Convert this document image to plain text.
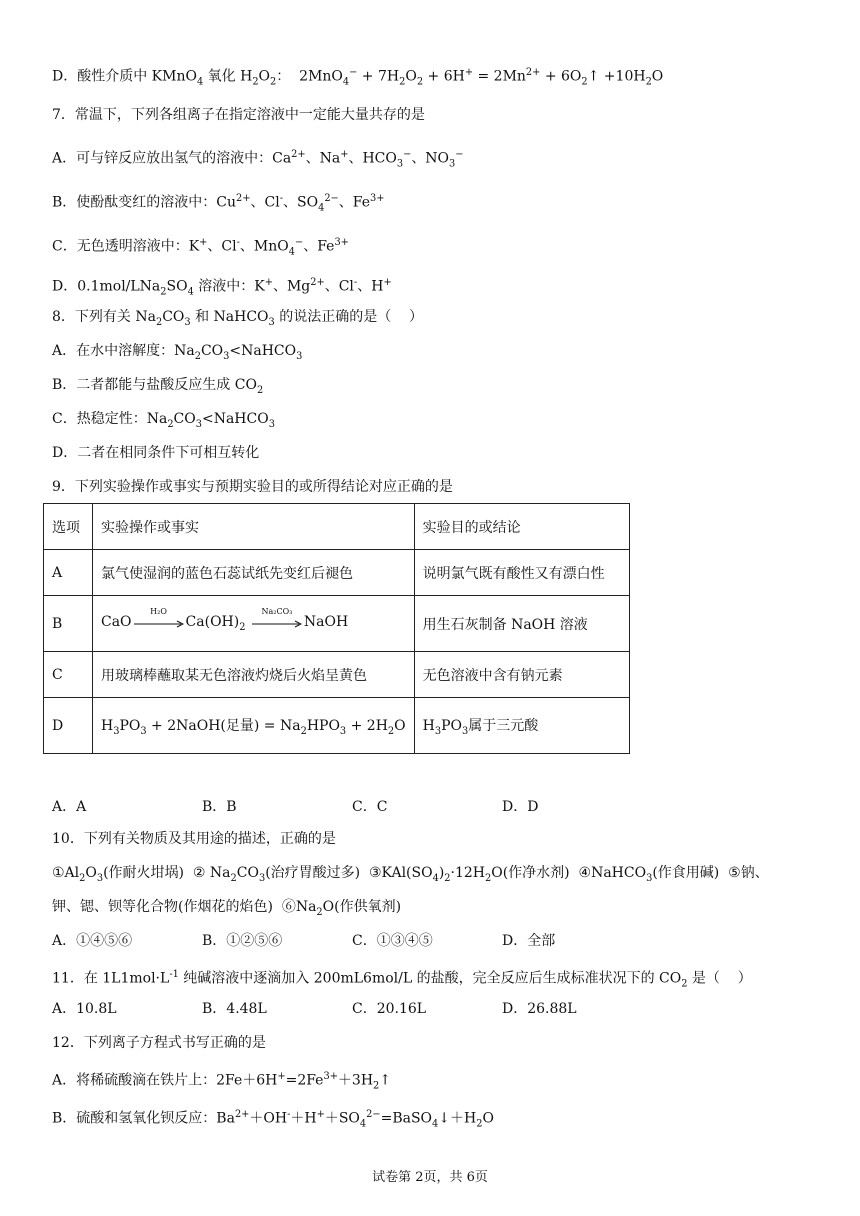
D．酸性介质中 KMnO$_4$ 氧化 $H_2O_2$：  $2MnO_4^- + 7H_2O_2 + 6H^+ = 2Mn^{2+}$ + $6O_2↑ +10H_2O$
7．常温下，下列各组离子在指定溶液中一定能大量共存的是
A．可与锌反应放出氢气的溶液中：$Ca^{2+}$、Na+、$HCO_3^-$、$NO_3^-$
B．使酚酞变红的溶液中：$Cu^{2+}$、Cl-、$SO_4^{2-}$、$Fe^{3+}$
C．无色透明溶液中：K+、Cl-、MnO$_4$−、$Fe^{3+}$
D．$0.1mol/LNa_2SO_4$ 溶液中：K+、$Mg^{2+}$、Cl-、H+
8．下列有关 $Na_2CO_3$ 和 NaHCO$_3$ 的说法正确的是（    ）
A．在水中溶解度：$Na_2CO_3<NaHCO_3$
B．二者都能与盐酸反应生成 $CO_2$
C．热稳定性：$Na_2CO_3<NaHCO_3$
D．二者在相同条件下可相互转化
9．下列实验操作或事实与预期实验目的或所得结论对应正确的是
10．下列有关物质及其用途的描述，正确的是
$①Al_2O_3$(作耐火坩埚)  ② $Na_2CO_3$(治疗胃酸过多)  $③KAl(SO_4)_2\cdot 12H_2O$(作净水剂)  ④NaHCO$_3$(作食用碱)  ⑤钠、
钾、锶、钡等化合物(作烟花的焰色)  $⑥Na_2O$(作供氧剂)
11．在 $1L1mol\cdot L^{-1}$ 纯碱溶液中逐滴加入 200mL6mol/L 的盐酸，完全反应后生成标准状况下的 $CO_2$ 是（    ）
12．下列离子方程式书写正确的是
A．将稀硫酸滴在铁片上：$2Fe+6H^+=2Fe^{3+}+3H_2↑$
B．硫酸和氢氧化钡反应：$Ba^{2+}+OH^-+H^++SO_4^{2-}=BaSO_4↓+H_2O$
选项	实验操作或事实	实验目的或结论
A	氯气使湿润的蓝色石蕊试纸先变红后褪色	说明氯气既有酸性又有漂白性
B	CaO
H₂O
$Ca(OH)_2$
Na₂CO₃
NaOH	用生石灰制备 NaOH 溶液
C	用玻璃棒蘸取某无色溶液灼烧后火焰呈黄色	无色溶液中含有钠元素
D	$H_3PO_3$ + 2NaOH(足量) = $Na_2HPO_3 + 2H_2O$	$H_3PO_3$属于三元酸
A．A	B．B	C．C	D．D
A．①④⑤⑥	B．①②⑤⑥	C．①③④⑤	D．全部
A．10.8L	B．4.48L	C．20.16L	D．26.88L
试卷第 2页，共 6页
